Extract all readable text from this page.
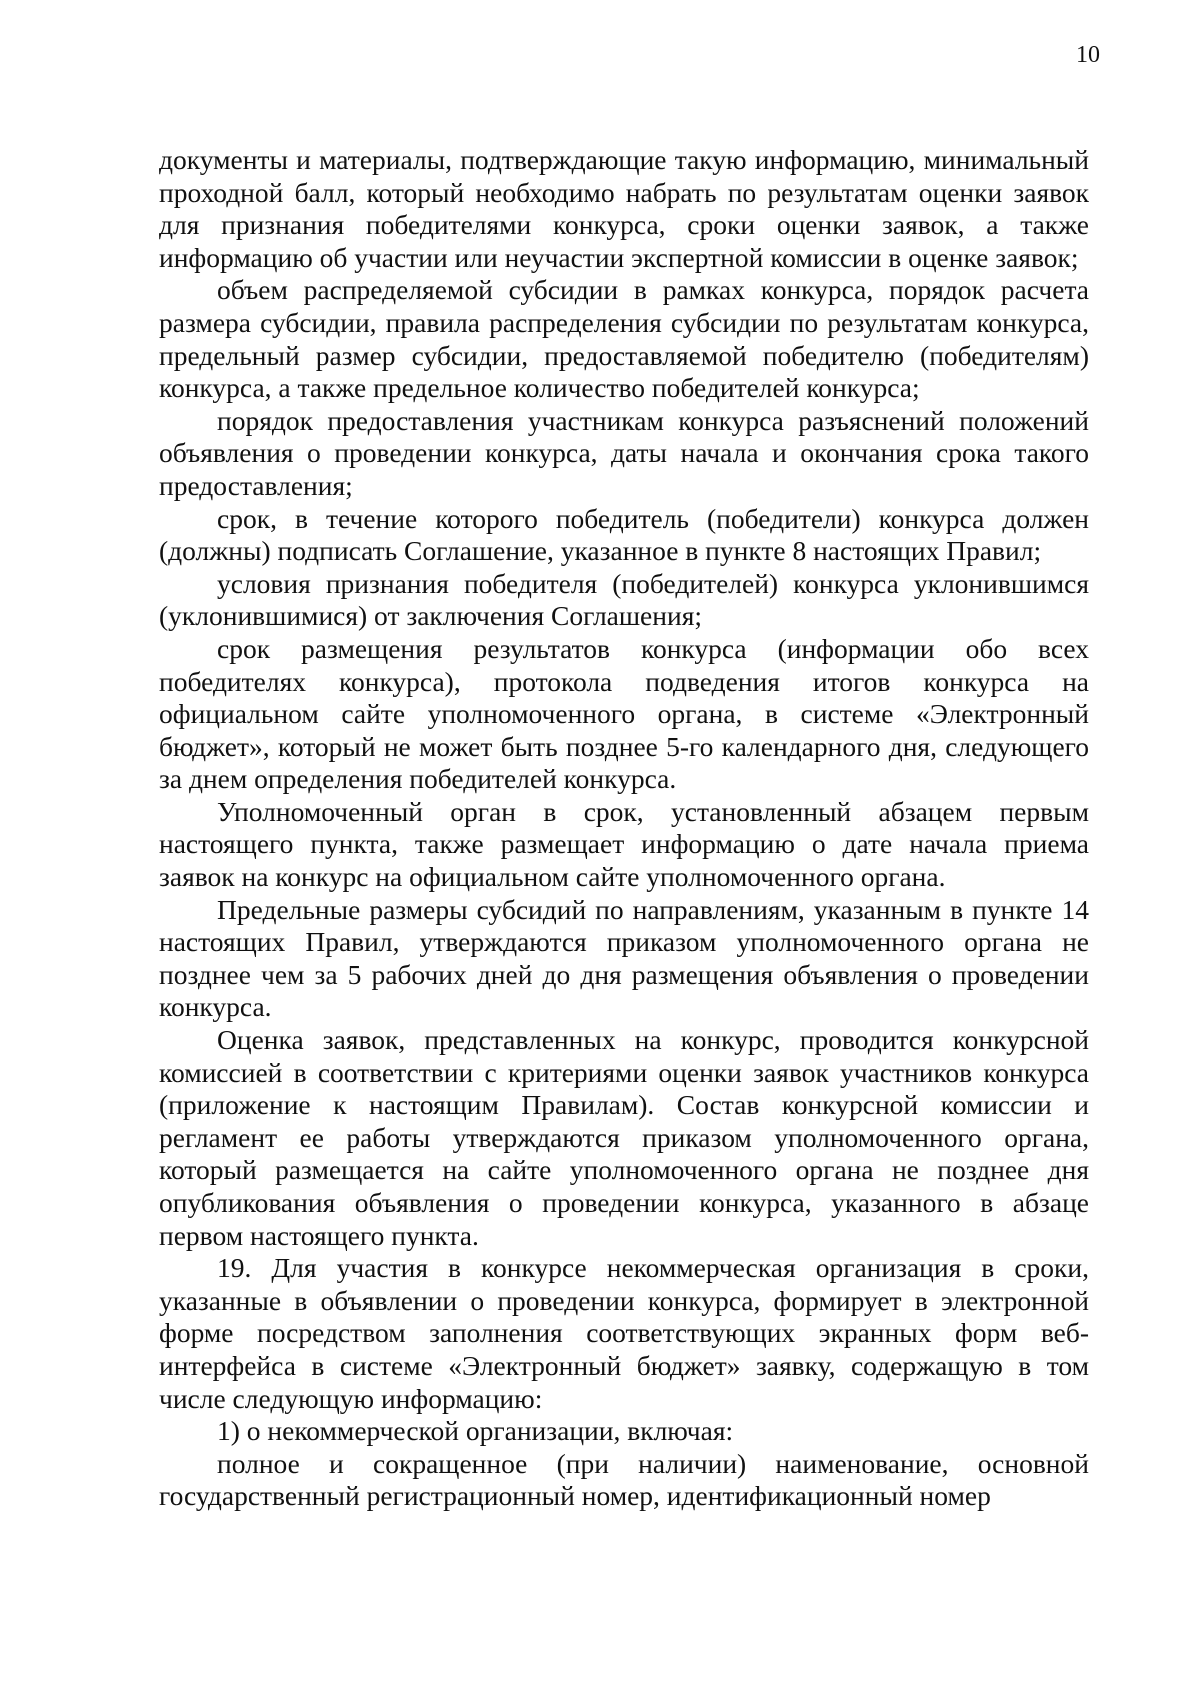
10

документы и материалы, подтверждающие такую информацию, минимальный проходной балл, который необходимо набрать по результатам оценки заявок для признания победителями конкурса, сроки оценки заявок, а также информацию об участии или неучастии экспертной комиссии в оценке заявок;

объем распределяемой субсидии в рамках конкурса, порядок расчета размера субсидии, правила распределения субсидии по результатам конкурса, предельный размер субсидии, предоставляемой победителю (победителям) конкурса, а также предельное количество победителей конкурса;

порядок предоставления участникам конкурса разъяснений положений объявления о проведении конкурса, даты начала и окончания срока такого предоставления;

срок, в течение которого победитель (победители) конкурса должен (должны) подписать Соглашение, указанное в пункте 8 настоящих Правил;

условия признания победителя (победителей) конкурса уклонившимся (уклонившимися) от заключения Соглашения;

срок размещения результатов конкурса (информации обо всех победителях конкурса), протокола подведения итогов конкурса на официальном сайте уполномоченного органа, в системе «Электронный бюджет», который не может быть позднее 5-го календарного дня, следующего за днем определения победителей конкурса.

Уполномоченный орган в срок, установленный абзацем первым настоящего пункта, также размещает информацию о дате начала приема заявок на конкурс на официальном сайте уполномоченного органа.

Предельные размеры субсидий по направлениям, указанным в пункте 14 настоящих Правил, утверждаются приказом уполномоченного органа не позднее чем за 5 рабочих дней до дня размещения объявления о проведении конкурса.

Оценка заявок, представленных на конкурс, проводится конкурсной комиссией в соответствии с критериями оценки заявок участников конкурса (приложение к настоящим Правилам). Состав конкурсной комиссии и регламент ее работы утверждаются приказом уполномоченного органа, который размещается на сайте уполномоченного органа не позднее дня опубликования объявления о проведении конкурса, указанного в абзаце первом настоящего пункта.

19. Для участия в конкурсе некоммерческая организация в сроки, указанные в объявлении о проведении конкурса, формирует в электронной форме посредством заполнения соответствующих экранных форм веб-интерфейса в системе «Электронный бюджет» заявку, содержащую в том числе следующую информацию:

1) о некоммерческой организации, включая:

полное и сокращенное (при наличии) наименование, основной государственный регистрационный номер, идентификационный номер
